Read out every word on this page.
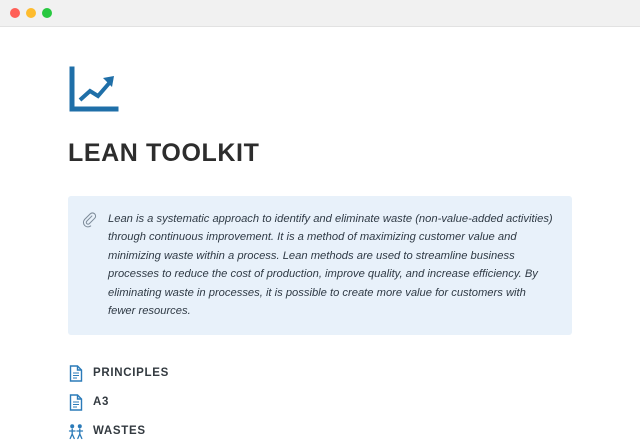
LEAN TOOLKIT

Lean is a systematic approach to identify and eliminate waste (non-value-added activities) through continuous improvement. It is a method of maximizing customer value and minimizing waste within a process. Lean methods are used to streamline business processes to reduce the cost of production, improve quality, and increase efficiency. By eliminating waste in processes, it is possible to create more value for customers with fewer resources.

PRINCIPLES
A3
WASTES
